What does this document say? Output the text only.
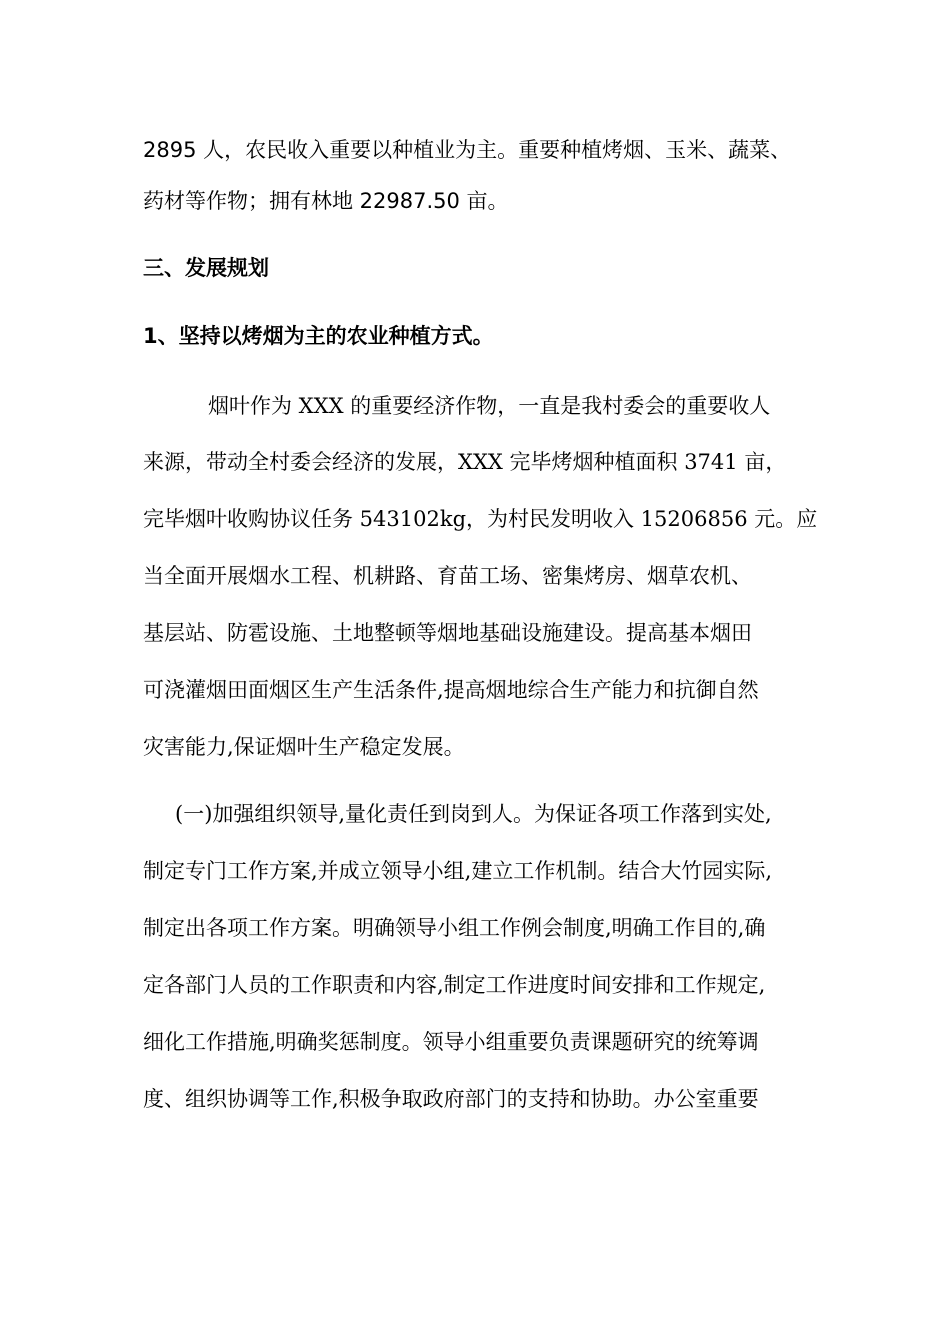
2895 人，农民收入重要以种植业为主。重要种植烤烟、玉米、蔬菜、
药材等作物；拥有林地 22987.50 亩。
三、发展规划
1、坚持以烤烟为主的农业种植方式。
烟叶作为 XXX 的重要经济作物，一直是我村委会的重要收人
来源，带动全村委会经济的发展，XXX 完毕烤烟种植面积 3741 亩，
完毕烟叶收购协议任务 543102kg，为村民发明收入 15206856 元。应
当全面开展烟水工程、机耕路、育苗工场、密集烤房、烟草农机、
基层站、防雹设施、土地整顿等烟地基础设施建设。提高基本烟田
可浇灌烟田面烟区生产生活条件,提高烟地综合生产能力和抗御自然
灾害能力,保证烟叶生产稳定发展。
(一)加强组织领导,量化责任到岗到人。为保证各项工作落到实处,
制定专门工作方案,并成立领导小组,建立工作机制。结合大竹园实际,
制定出各项工作方案。明确领导小组工作例会制度,明确工作目的,确
定各部门人员的工作职责和内容,制定工作进度时间安排和工作规定,
细化工作措施,明确奖惩制度。领导小组重要负责课题研究的统筹调
度、组织协调等工作,积极争取政府部门的支持和协助。办公室重要
